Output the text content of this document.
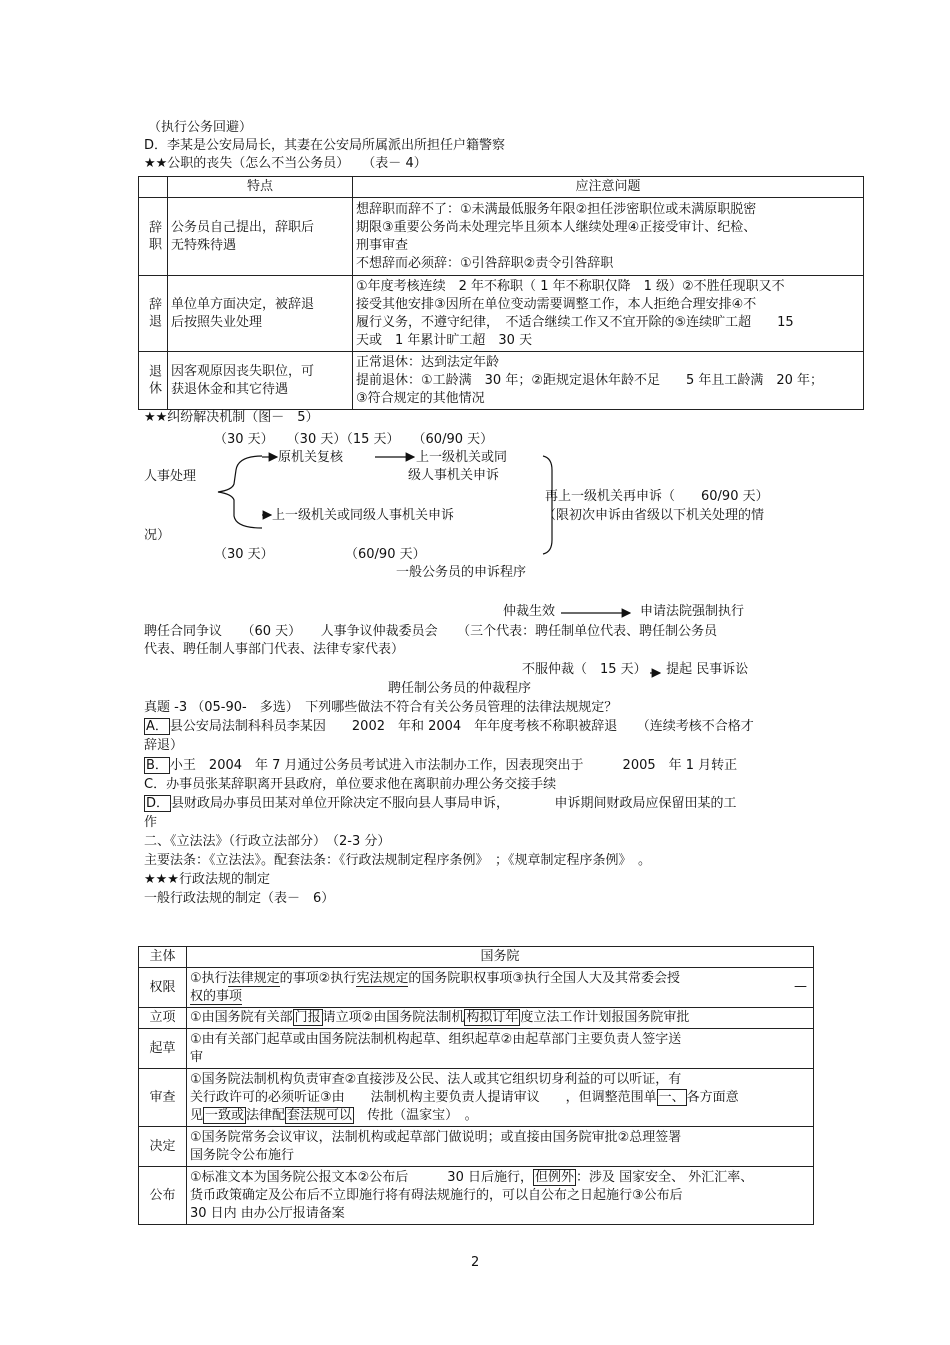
（执行公务回避）
D．李某是公安局局长，其妻在公安局所属派出所担任户籍警察
★★公职的丧失（怎么不当公务员）　　（表－ 4）
	特点	应注意问题
辞职	公务员自己提出，辞职后无特殊待遇	想辞职而辞不了：①未满最低服务年限②担任涉密职位或未满原职脱密
期限③重要公务尚未处理完毕且须本人继续处理④正接受审计、纪检、
刑事审查
不想辞而必须辞：①引咎辞职②责令引咎辞职

辞退	单位单方面决定，被辞退后按照失业处理	①年度考核连续　2 年不称职（ 1 年不称职仅降　1 级）②不胜任现职又不
接受其他安排③因所在单位变动需要调整工作，本人拒绝合理安排④不
履行义务，不遵守纪律，　不适合继续工作又不宜开除的⑤连续旷工超　　15
天或　1 年累计旷工超　30 天

退休	因客观原因丧失职位，可获退休金和其它待遇	正常退休：达到法定年龄
提前退休：①工龄满　30 年；②距规定退休年龄不足　　5 年且工龄满　20 年；
③符合规定的其他情况
★★纠纷解决机制（图－　5）
（30 天）　　（30 天）（15 天）　　（60/90 天）
原机关复核	上一级机关或同
级人事机关申诉
人事处理
再上一级机关再申诉（　　60/90 天）
上一级机关或同级人事机关申诉	（限初次申诉由省级以下机关处理的情
况）
（30 天）	（60/90 天）
一般公务员的申诉程序
仲裁生效	申请法院强制执行
聘任合同争议　　（60 天）　　人事争议仲裁委员会　　（三个代表：聘任制单位代表、聘任制公务员
代表、聘任制人事部门代表、法律专家代表）
不服仲裁（　15 天）　　提起 民事诉讼
聘任制公务员的仲裁程序
真题 -3 （05-90-　多选）　下列哪些做法不符合有关公务员管理的法律法规规定？
A． 县公安局法制科科员李某因　　2002　年和 2004　年年度考核不称职被辞退　　（连续考核不合格才
辞退）
B． 小王　2004　年 7 月通过公务员考试进入市法制办工作，因表现突出于　　　2005　年 1 月转正
C．办事员张某辞职离开县政府，单位要求他在离职前办理公务交接手续
D． 县财政局办事员田某对单位开除决定不服向县人事局申诉，　　　　申诉期间财政局应保留田某的工
作
二、《立法法》（行政立法部分）　（2-3 分）
主要法条：《立法法》。配套法条：《行政法规制定程序条例》　；《规章制定程序条例》　。
★★★行政法规的制定
一般行政法规的制定（表－　6）
主体	国务院
权限	①执行法律规定的事项②执行宪法规定的国务院职权事项③执行全国人大及其常委会授
权的事项
—

立项	①由国务院有关部 门报 请立项②由国务院法制机 构拟订年 度立法工作计划报国务院审批
起草	①由有关部门起草或由国务院法制机构起草、组织起草②由起草部门主要负责人签字送
审

审查	①国务院法制机构负责审查②直接涉及公民、法人或其它组织切身利益的可以听证，有
关行政许可的必须听证③由　　法制机构主要负责人提请审议　　，但调整范围单 一、 各方面意
见 一致或 法律配 套法规可以　传批（温家宝）　。

决定	①国务院常务会议审议，法制机构或起草部门做说明；或直接由国务院审批②总理签署
国务院令公布施行

公布	①标准文本为国务院公报文本②公布后　　　30 日后施行， 但例外 ：涉及 国家安全、 外汇汇率、
货币政策确定及公布后不立即施行将有碍法规施行的，可以自公布之日起施行③公布后
30 日内 由办公厅报请备案
2
